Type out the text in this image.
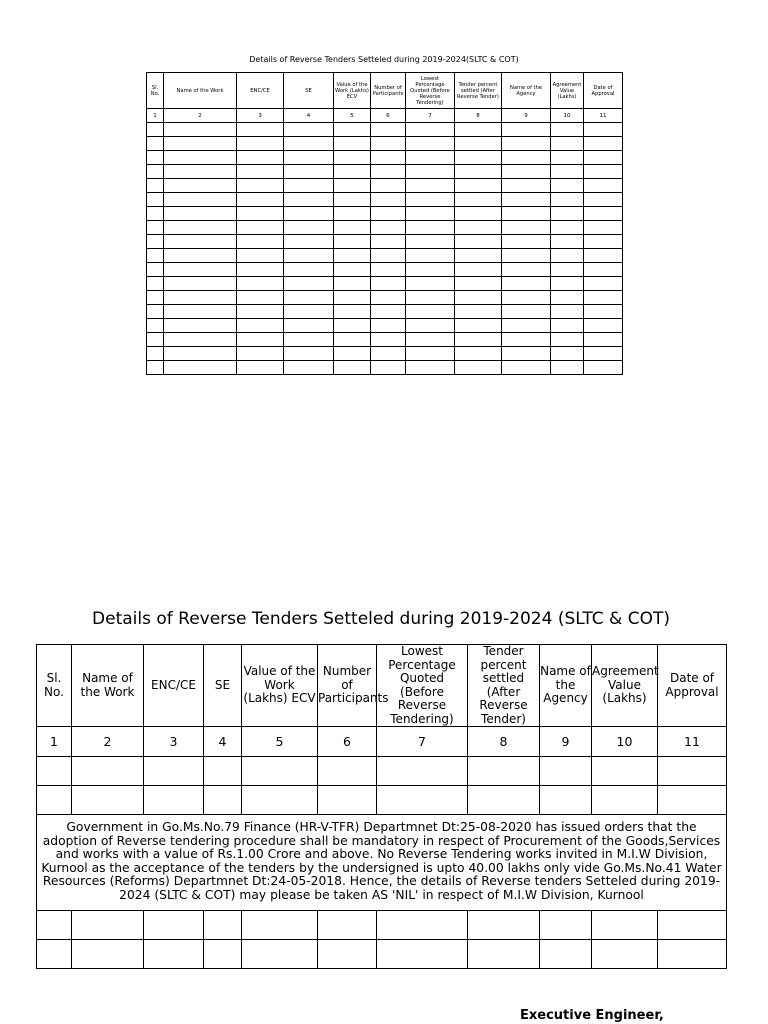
Details of Reverse Tenders Setteled during 2019-2024(SLTC & COT)
Sl. No.	Name of the Work	ENC/CE	SE	Value of the Work (Lakhs) ECV	Number of Participants	Lowest Percentage Quoted (Before Reverse Tendering)	Tender percent settled (After Reverse Tender)	Name of the Agency	Agreement Value (Lakhs)	Date of Approval
1	2	3	4	5	6	7	8	9	10	11

Details of Reverse Tenders Setteled during 2019-2024 (SLTC & COT)
Sl. No.	Name of the Work	ENC/CE	SE	Value of the Work (Lakhs) ECV	Number of Participants	Lowest Percentage Quoted (Before Reverse Tendering)	Tender percent settled (After Reverse Tender)	Name of the Agency	Agreement Value (Lakhs)	Date of Approval
1	2	3	4	5	6	7	8	9	10	11

Government in Go.Ms.No.79 Finance (HR-V-TFR) Departmnet Dt:25-08-2020 has issued orders that the adoption of Reverse tendering procedure shall be mandatory in respect of Procurement of the Goods,Services and works with a value of Rs.1.00 Crore and above. No Reverse Tendering works invited in M.I.W Division, Kurnool as the acceptance of the tenders by the undersigned is upto 40.00 lakhs only vide Go.Ms.No.41 Water Resources (Reforms) Departmnet Dt:24-05-2018. Hence, the details of Reverse tenders Setteled during 2019-2024 (SLTC & COT) may please be taken AS 'NIL' in respect of M.I.W Division, Kurnool										

Executive Engineer,
